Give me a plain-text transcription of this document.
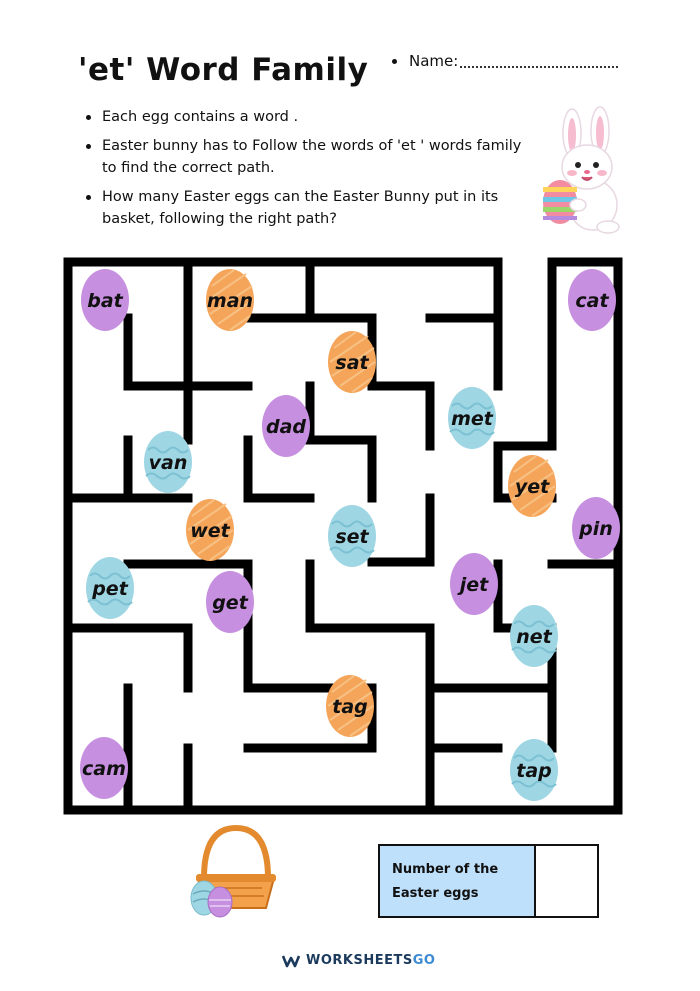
'et' Word Family	Name:
Each egg contains a word .
Easter bunny has to Follow the words of 'et ' words family to find the correct path.
How many Easter eggs can the Easter Bunny put in its basket, following the right path?
bat	man	cat
sat
met
dad
van
yet
wet	set	pin
pet
get
jet
net
tag
cam	tap
Number of the
Easter eggs
WORKSHEETS GO
